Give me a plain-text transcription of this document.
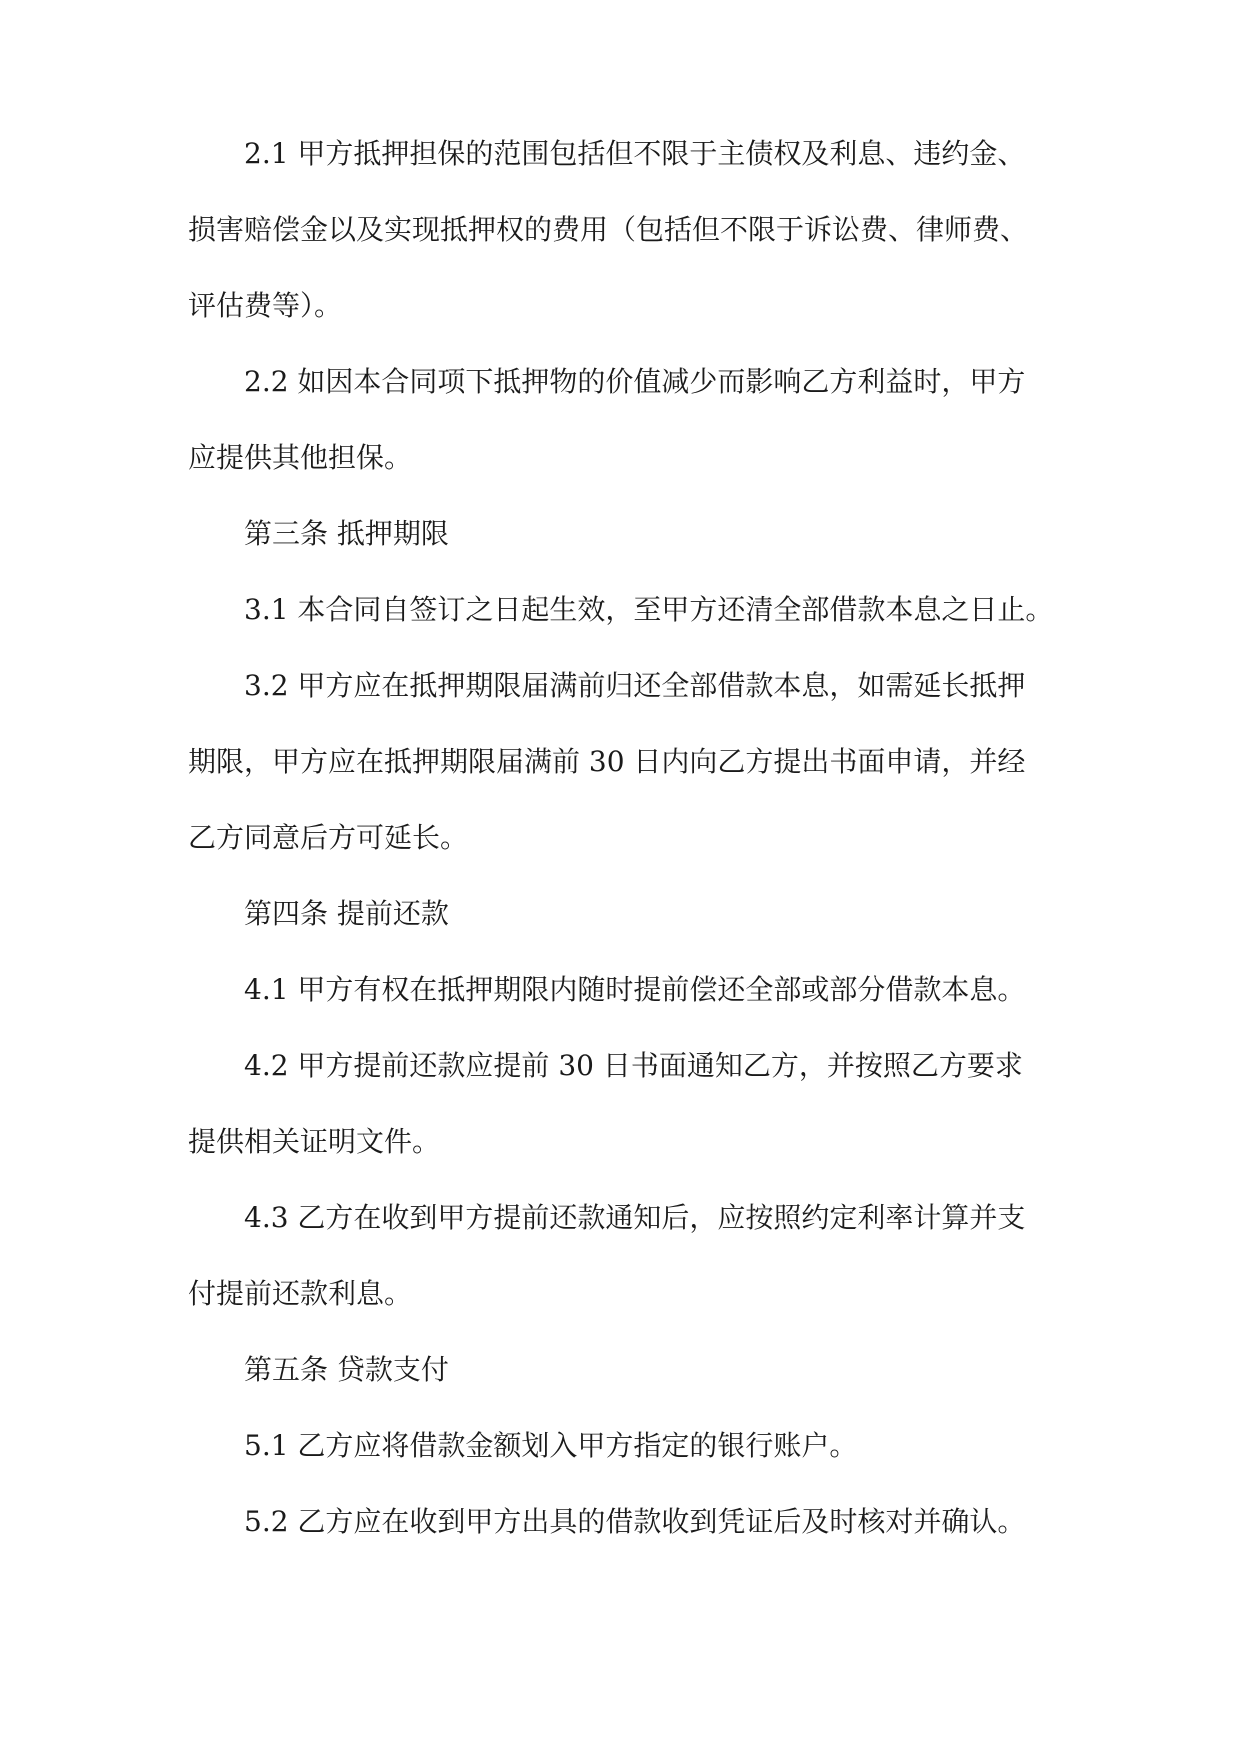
2.1 甲方抵押担保的范围包括但不限于主债权及利息、违约金、
损害赔偿金以及实现抵押权的费用（包括但不限于诉讼费、律师费、
评估费等）。
2.2 如因本合同项下抵押物的价值减少而影响乙方利益时，甲方
应提供其他担保。
第三条 抵押期限
3.1 本合同自签订之日起生效，至甲方还清全部借款本息之日止。
3.2 甲方应在抵押期限届满前归还全部借款本息，如需延长抵押
期限，甲方应在抵押期限届满前 30 日内向乙方提出书面申请，并经
乙方同意后方可延长。
第四条 提前还款
4.1 甲方有权在抵押期限内随时提前偿还全部或部分借款本息。
4.2 甲方提前还款应提前 30 日书面通知乙方，并按照乙方要求
提供相关证明文件。
4.3 乙方在收到甲方提前还款通知后，应按照约定利率计算并支
付提前还款利息。
第五条 贷款支付
5.1 乙方应将借款金额划入甲方指定的银行账户。
5.2 乙方应在收到甲方出具的借款收到凭证后及时核对并确认。
